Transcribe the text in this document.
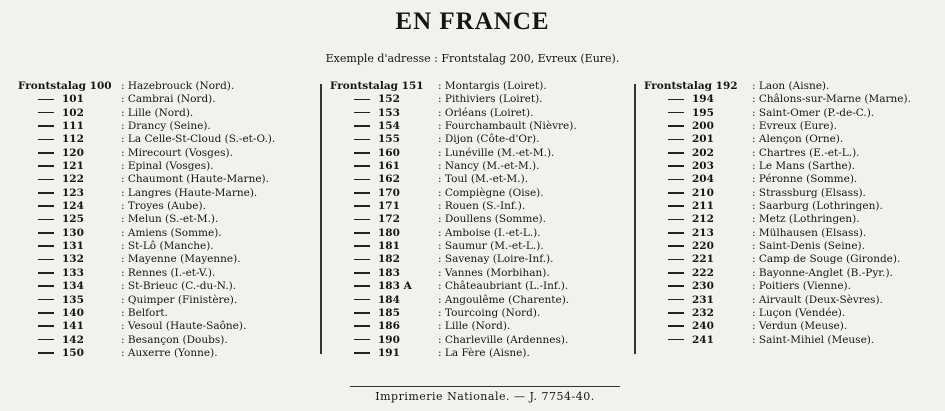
EN FRANCE
Exemple d'adresse : Frontstalag 200, Evreux (Eure).
Frontstalag 100 : Hazebrouck (Nord).
101	: Cambrai (Nord).
102	: Lille (Nord).
111	: Drancy (Seine).
112	: La Celle-St-Cloud (S.-et-O.).
120	: Mirecourt (Vosges).
121	: Epinal (Vosges).
122	: Chaumont (Haute-Marne).
123	: Langres (Haute-Marne).
124	: Troyes (Aube).
125	: Melun (S.-et-M.).
130	: Amiens (Somme).
131	: St-Lô (Manche).
132	: Mayenne (Mayenne).
133	: Rennes (I.-et-V.).
134	: St-Brieuc (C.-du-N.).
135	: Quimper (Finistère).
140	: Belfort.
141	: Vesoul (Haute-Saône).
142	: Besançon (Doubs).
150	: Auxerre (Yonne).
Frontstalag 151 : Montargis (Loiret).
152	: Pithiviers (Loiret).
153	: Orléans (Loiret).
154	: Fourchambault (Nièvre).
155	: Dijon (Côte-d'Or).
160	: Lunéville (M.-et-M.).
161	: Nancy (M.-et-M.).
162	: Toul (M.-et-M.).
170	: Compiègne (Oise).
171	: Rouen (S.-Inf.).
172	: Doullens (Somme).
180	: Amboise (I.-et-L.).
181	: Saumur (M.-et-L.).
182	: Savenay (Loire-Inf.).
183	: Vannes (Morbihan).
183 A	: Châteaubriant (L.-Inf.).
184	: Angoulême (Charente).
185	: Tourcoing (Nord).
186	: Lille (Nord).
190	: Charleville (Ardennes).
191	: La Fère (Aisne).
Frontstalag 192 : Laon (Aisne).
194	: Châlons-sur-Marne (Marne).
195	: Saint-Omer (P.-de-C.).
200	: Evreux (Eure).
201	: Alençon (Orne).
202	: Chartres (E.-et-L.).
203	: Le Mans (Sarthe).
204	: Péronne (Somme).
210	: Strassburg (Elsass).
211	: Saarburg (Lothringen).
212	: Metz (Lothringen).
213	: Mülhausen (Elsass).
220	: Saint-Denis (Seine).
221	: Camp de Souge (Gironde).
222	: Bayonne-Anglet (B.-Pyr.).
230	: Poitiers (Vienne).
231	: Airvault (Deux-Sèvres).
232	: Luçon (Vendée).
240	: Verdun (Meuse).
241	: Saint-Mihiel (Meuse).
Imprimerie Nationale. — J. 7754-40.
